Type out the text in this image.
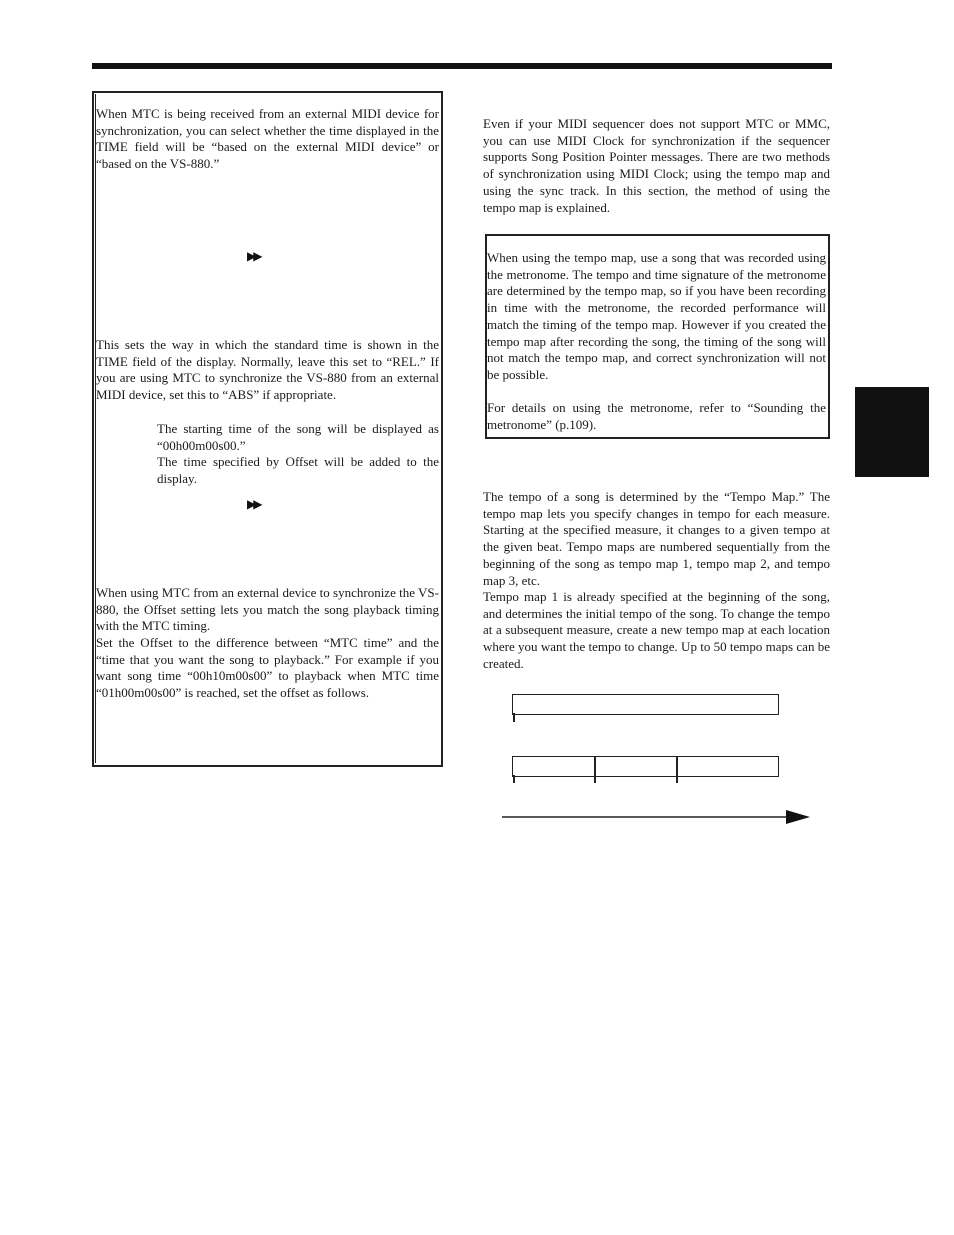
When MTC is being received from an external MIDI device for synchronization, you can select whether the time displayed in the TIME field will be “based on the external MIDI device” or “based on the VS-880.”

▶▶

This sets the way in which the standard time is shown in the TIME field of the display. Normally, leave this set to “REL.” If you are using MTC to synchronize the VS-880 from an external MIDI device, set this to “ABS” if appropriate.

The starting time of the song will be displayed as “00h00m00s00.”

The time specified by Offset will be added to the display.

▶▶

When using MTC from an external device to synchronize the VS-880, the Offset setting lets you match the song playback timing with the MTC timing.

Set the Offset to the difference between “MTC time” and the “time that you want the song to playback.” For example if you want song time “00h10m00s00” to playback when MTC time “01h00m00s00” is reached, set the offset as follows.

Even if your MIDI sequencer does not support MTC or MMC, you can use MIDI Clock for synchronization if the sequencer supports Song Position Pointer messages. There are two methods of synchronization using MIDI Clock; using the tempo map and using the sync track. In this section, the method of using the tempo map is explained.

When using the tempo map, use a song that was recorded using the metronome. The tempo and time signature of the metronome are determined by the tempo map, so if you have been recording in time with the metronome, the recorded performance will match the timing of the tempo map. However if you created the tempo map after recording the song, the timing of the song will not match the tempo map, and correct synchronization will not be possible.

For details on using the metronome, refer to “Sounding the metronome” (p.109).

The tempo of a song is determined by the “Tempo Map.” The tempo map lets you specify changes in tempo for each measure. Starting at the specified measure, it changes to a given tempo at the given beat. Tempo maps are numbered sequentially from the beginning of the song as tempo map 1, tempo map 2, and tempo map 3, etc.

Tempo map 1 is already specified at the beginning of the song, and determines the initial tempo of the song. To change the tempo at a subsequent measure, create a new tempo map at each location where you want the tempo to change. Up to 50 tempo maps can be created.
